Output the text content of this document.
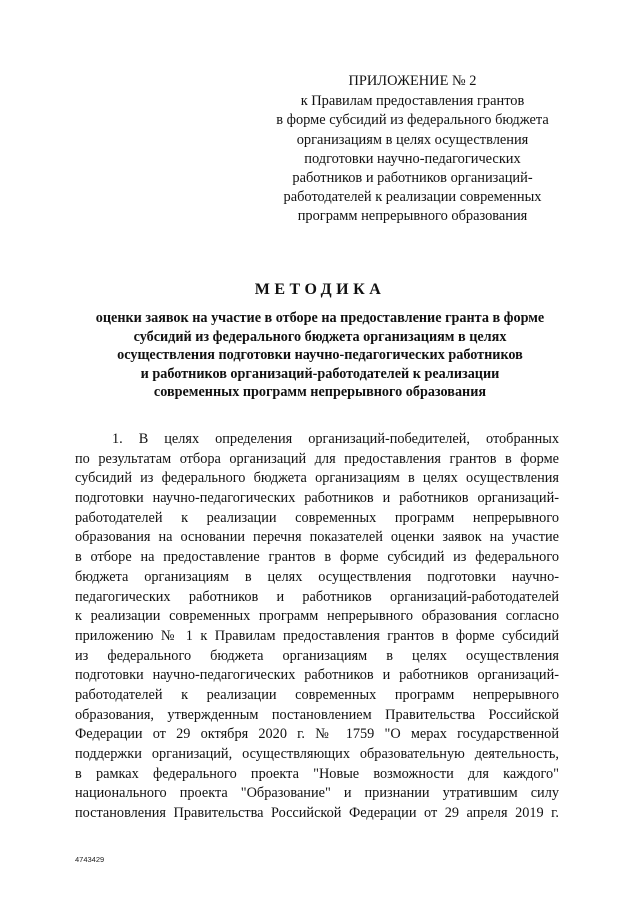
ПРИЛОЖЕНИЕ № 2
к Правилам предоставления грантов
в форме субсидий из федерального бюджета
организациям в целях осуществления
подготовки научно-педагогических
работников и работников организаций-
работодателей к реализации современных
программ непрерывного образования
МЕТОДИКА
оценки заявок на участие в отборе на предоставление гранта в форме
субсидий из федерального бюджета организациям в целях
осуществления подготовки научно-педагогических работников
и работников организаций-работодателей к реализации
современных программ непрерывного образования
1. В целях определения организаций-победителей, отобранных
по результатам отбора организаций для предоставления грантов в форме
субсидий из федерального бюджета организациям в целях осуществления
подготовки научно-педагогических работников и работников организаций-
работодателей к реализации современных программ непрерывного
образования на основании перечня показателей оценки заявок на участие
в отборе на предоставление грантов в форме субсидий из федерального
бюджета организациям в целях осуществления подготовки научно-
педагогических работников и работников организаций-работодателей
к реализации современных программ непрерывного образования согласно
приложению № 1 к Правилам предоставления грантов в форме субсидий
из федерального бюджета организациям в целях осуществления
подготовки научно-педагогических работников и работников организаций-
работодателей к реализации современных программ непрерывного
образования, утвержденным постановлением Правительства Российской
Федерации от 29 октября 2020 г. № 1759 "О мерах государственной
поддержки организаций, осуществляющих образовательную деятельность,
в рамках федерального проекта "Новые возможности для каждого"
национального проекта "Образование" и признании утратившим силу
постановления Правительства Российской Федерации от 29 апреля 2019 г.
4743429
